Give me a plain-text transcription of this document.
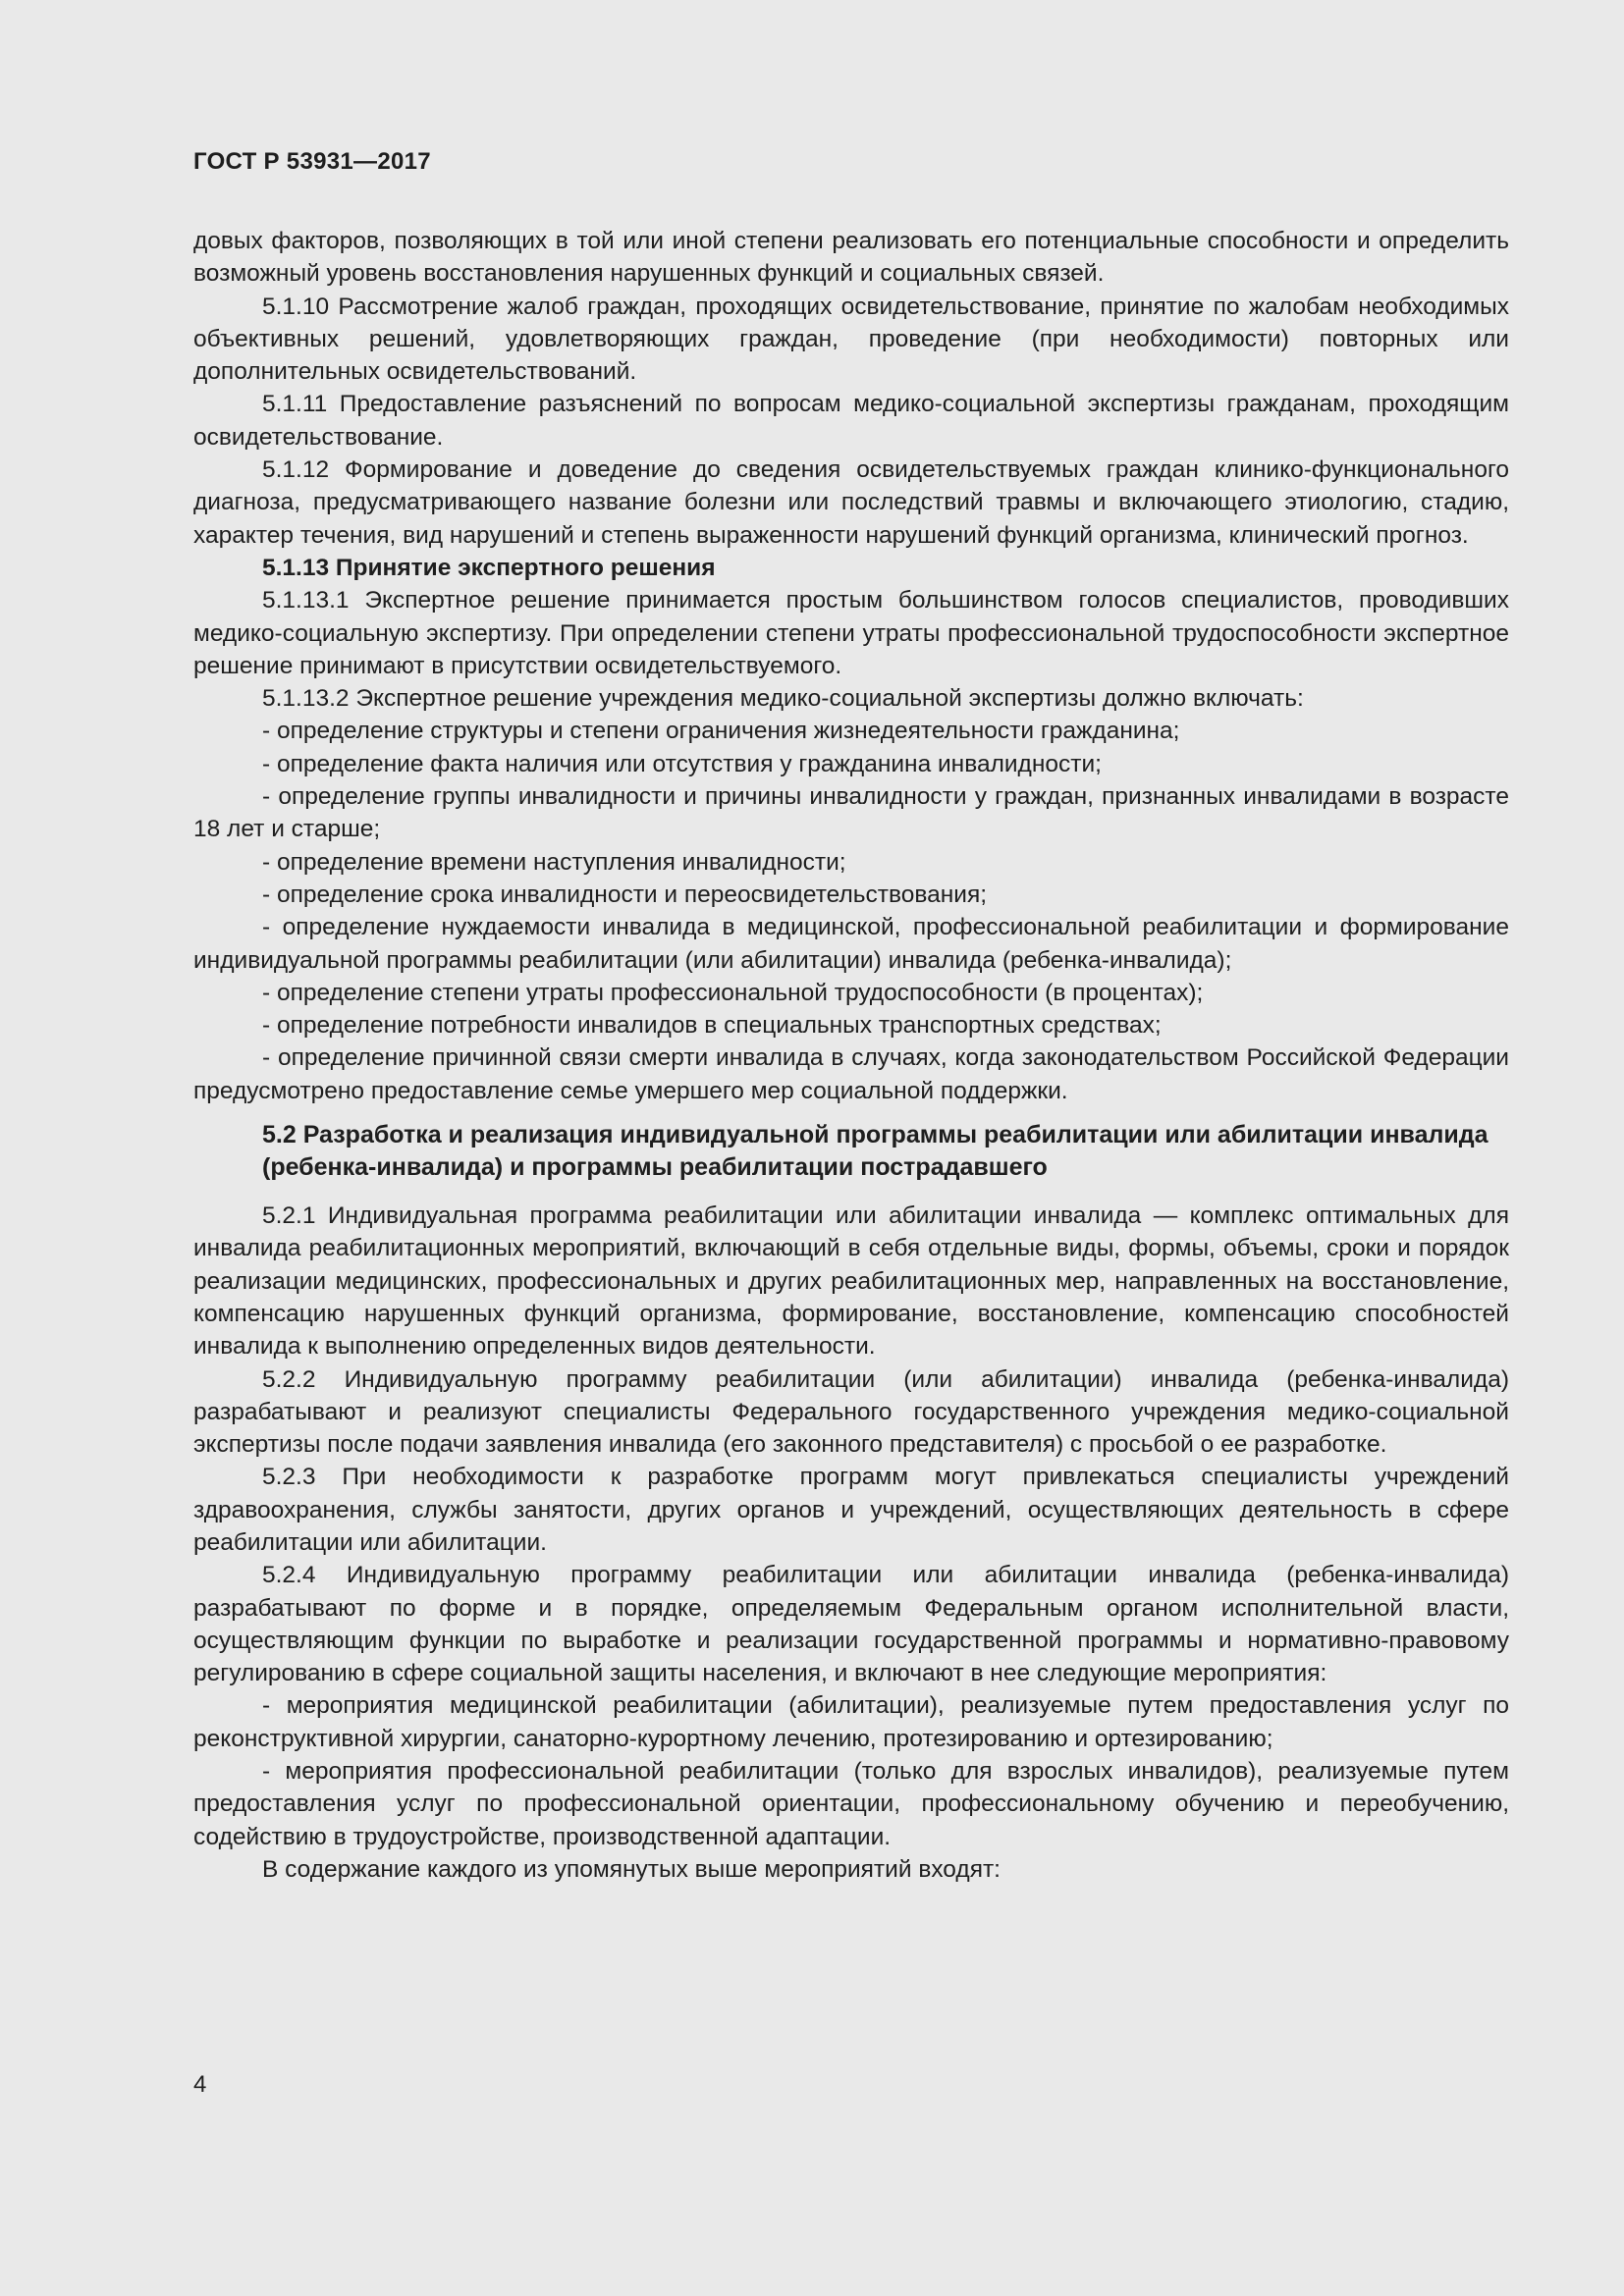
ГОСТ Р 53931—2017

довых факторов, позволяющих в той или иной степени реализовать его потенциальные способности и определить возможный уровень восстановления нарушенных функций и социальных связей.

5.1.10 Рассмотрение жалоб граждан, проходящих освидетельствование, принятие по жалобам необходимых объективных решений, удовлетворяющих граждан, проведение (при необходимости) повторных или дополнительных освидетельствований.

5.1.11 Предоставление разъяснений по вопросам медико-социальной экспертизы гражданам, проходящим освидетельствование.

5.1.12 Формирование и доведение до сведения освидетельствуемых граждан клинико-функционального диагноза, предусматривающего название болезни или последствий травмы и включающего этиологию, стадию, характер течения, вид нарушений и степень выраженности нарушений функций организма, клинический прогноз.

5.1.13 Принятие экспертного решения

5.1.13.1 Экспертное решение принимается простым большинством голосов специалистов, проводивших медико-социальную экспертизу. При определении степени утраты профессиональной трудоспособности экспертное решение принимают в присутствии освидетельствуемого.

5.1.13.2 Экспертное решение учреждения медико-социальной экспертизы должно включать:

- определение структуры и степени ограничения жизнедеятельности гражданина;

- определение факта наличия или отсутствия у гражданина инвалидности;

- определение группы инвалидности и причины инвалидности у граждан, признанных инвалидами в возрасте 18 лет и старше;

- определение времени наступления инвалидности;

- определение срока инвалидности и переосвидетельствования;

- определение нуждаемости инвалида в медицинской, профессиональной реабилитации и формирование индивидуальной программы реабилитации (или абилитации) инвалида (ребенка-инвалида);

- определение степени утраты профессиональной трудоспособности (в процентах);

- определение потребности инвалидов в специальных транспортных средствах;

- определение причинной связи смерти инвалида в случаях, когда законодательством Российской Федерации предусмотрено предоставление семье умершего мер социальной поддержки.

5.2 Разработка и реализация индивидуальной программы реабилитации или абилитации инвалида (ребенка-инвалида) и программы реабилитации пострадавшего

5.2.1 Индивидуальная программа реабилитации или абилитации инвалида — комплекс оптимальных для инвалида реабилитационных мероприятий, включающий в себя отдельные виды, формы, объемы, сроки и порядок реализации медицинских, профессиональных и других реабилитационных мер, направленных на восстановление, компенсацию нарушенных функций организма, формирование, восстановление, компенсацию способностей инвалида к выполнению определенных видов деятельности.

5.2.2 Индивидуальную программу реабилитации (или абилитации) инвалида (ребенка-инвалида) разрабатывают и реализуют специалисты Федерального государственного учреждения медико-социальной экспертизы после подачи заявления инвалида (его законного представителя) с просьбой о ее разработке.

5.2.3 При необходимости к разработке программ могут привлекаться специалисты учреждений здравоохранения, службы занятости, других органов и учреждений, осуществляющих деятельность в сфере реабилитации или абилитации.

5.2.4 Индивидуальную программу реабилитации или абилитации инвалида (ребенка-инвалида) разрабатывают по форме и в порядке, определяемым Федеральным органом исполнительной власти, осуществляющим функции по выработке и реализации государственной программы и нормативно-правовому регулированию в сфере социальной защиты населения, и включают в нее следующие мероприятия:

- мероприятия медицинской реабилитации (абилитации), реализуемые путем предоставления услуг по реконструктивной хирургии, санаторно-курортному лечению, протезированию и ортезированию;

- мероприятия профессиональной реабилитации (только для взрослых инвалидов), реализуемые путем предоставления услуг по профессиональной ориентации, профессиональному обучению и переобучению, содействию в трудоустройстве, производственной адаптации.

В содержание каждого из упомянутых выше мероприятий входят:

4
